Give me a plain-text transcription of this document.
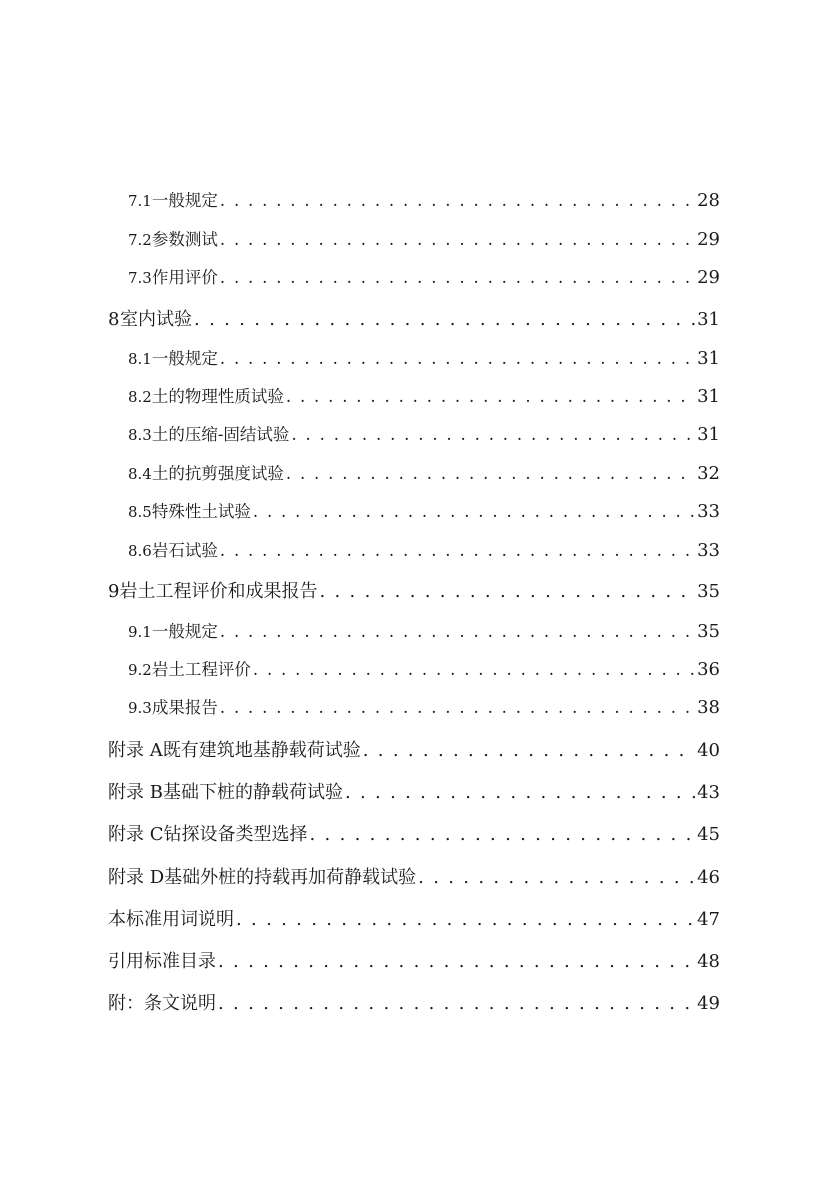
7.1 一般规定 . . .	28
7.2 参数测试 . . .	29
7.3 作用评价 . . .	29
8 室内试验 . . .	31
8.1 一般规定 . . .	31
8.2 土的物理性质试验 . . .	31
8.3 土的压缩-固结试验 . . .	31
8.4 土的抗剪强度试验 . . .	32
8.5 特殊性土试验 . . .	33
8.6 岩石试验 . . .	33
9 岩土工程评价和成果报告 . . .	35
9.1 一般规定 . . .	35
9.2 岩土工程评价 . . .	36
9.3 成果报告 . . .	38
附录 A 既有建筑地基静载荷试验 . . .	40
附录 B 基础下桩的静载荷试验 . . .	43
附录 C 钻探设备类型选择 . . .	45
附录 D 基础外桩的持载再加荷静载试验 . . .	46
本标准用词说明 . . .	47
引用标准目录 . . .	48
附：条文说明 . . .	49
